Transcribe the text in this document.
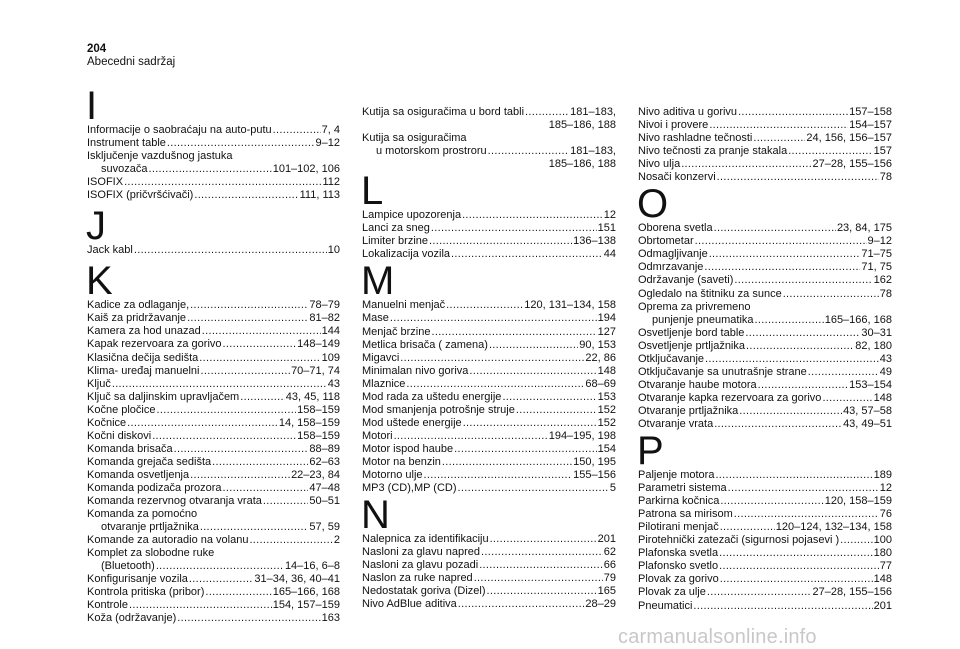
204
Abecedni sadržaj
I
Informacije o saobraćaju na auto-putu .....	7, 4
Instrument table .....	9–12
Isključenje vazdušnog jastuka
suvozača .....	101–102, 106
ISOFIX .....	112
ISOFIX (pričvršćivači) .....	111, 113
J
Jack kabl .....	10
K
Kadice za odlaganje, .....	78–79
Kaiš za pridržavanje .....	81–82
Kamera za hod unazad .....	144
Kapak rezervoara za gorivo .....	148–149
Klasična dečija sedišta .....	109
Klima- uređaj manuelni .....	70–71, 74
Ključ .....	43
Ključ sa daljinskim upravljačem .....	43, 45, 118
Kočne pločice .....	158–159
Kočnice .....	14, 158–159
Kočni diskovi .....	158–159
Komanda brisača .....	88–89
Komanda grejača sedišta .....	62–63
Komanda osvetljenja .....	22–23, 84
Komanda podizača prozora .....	47–48
Komanda rezervnog otvaranja vrata .....	50–51
Komanda za pomoćno
otvaranje prtljažnika .....	57, 59
Komande za autoradio na volanu .....	2
Komplet za slobodne ruke
(Bluetooth) .....	14–16, 6–8
Konfigurisanje vozila .....	31–34, 36, 40–41
Kontrola pritiska (pribor) .....	165–166, 168
Kontrole .....	154, 157–159
Koža (održavanje) .....	163
Kutija sa osiguračima u bord tabli .....	181–183,
185–186, 188
Kutija sa osiguračima
u motorskom prostroru .....	181–183,
185–186, 188
L
Lampice upozorenja .....	12
Lanci za sneg .....	151
Limiter brzine .....	136–138
Lokalizacija vozila .....	44
M
Manuelni menjač .....	120, 131–134, 158
Mase .....	194
Menjač brzine .....	127
Metlica brisača ( zamena) .....	90, 153
Migavci .....	22, 86
Minimalan nivo goriva .....	148
Mlaznice .....	68–69
Mod rada za uštedu energije .....	153
Mod smanjenja potrošnje struje .....	152
Mod uštede energije .....	152
Motori .....	194–195, 198
Motor ispod haube .....	154
Motor na benzin .....	150, 195
Motorno ulje .....	155–156
MP3 (CD),MP (CD) .....	5
N
Nalepnica za identifikaciju .....	201
Nasloni za glavu napred .....	62
Nasloni za glavu pozadi .....	66
Naslon za ruke napred .....	79
Nedostatak goriva (Dizel) .....	165
Nivo AdBlue aditiva .....	28–29
Nivo aditiva u gorivu .....	157–158
Nivoi i provere .....	154–157
Nivo rashladne tečnosti .....	24, 156, 156–157
Nivo tečnosti za pranje stakala .....	157
Nivo ulja .....	27–28, 155–156
Nosači konzervi .....	78
O
Oborena svetla .....	23, 84, 175
Obrtometar .....	9–12
Odmagljivanje .....	71–75
Odmrzavanje .....	71, 75
Održavanje (saveti) .....	162
Ogledalo na štitniku za sunce .....	78
Oprema za privremeno
punjenje pneumatika .....	165–166, 168
Osvetljenje bord table .....	30–31
Osvetljenje prtljažnika .....	82, 180
Otključavanje .....	43
Otključavanje sa unutrašnje strane .....	49
Otvaranje haube motora .....	153–154
Otvaranje kapka rezervoara za gorivo .....	148
Otvaranje prtljažnika .....	43, 57–58
Otvaranje vrata .....	43, 49–51
P
Paljenje motora .....	189
Parametri sistema .....	12
Parkirna kočnica .....	120, 158–159
Patrona sa mirisom .....	76
Pilotirani menjač .....	120–124, 132–134, 158
Pirotehnički zatezači (sigurnosi pojasevi ) .....	100
Plafonska svetla .....	180
Plafonsko svetlo .....	77
Plovak za gorivo .....	148
Plovak za ulje .....	27–28, 155–156
Pneumatici .....	201
carmanualsonline.info
